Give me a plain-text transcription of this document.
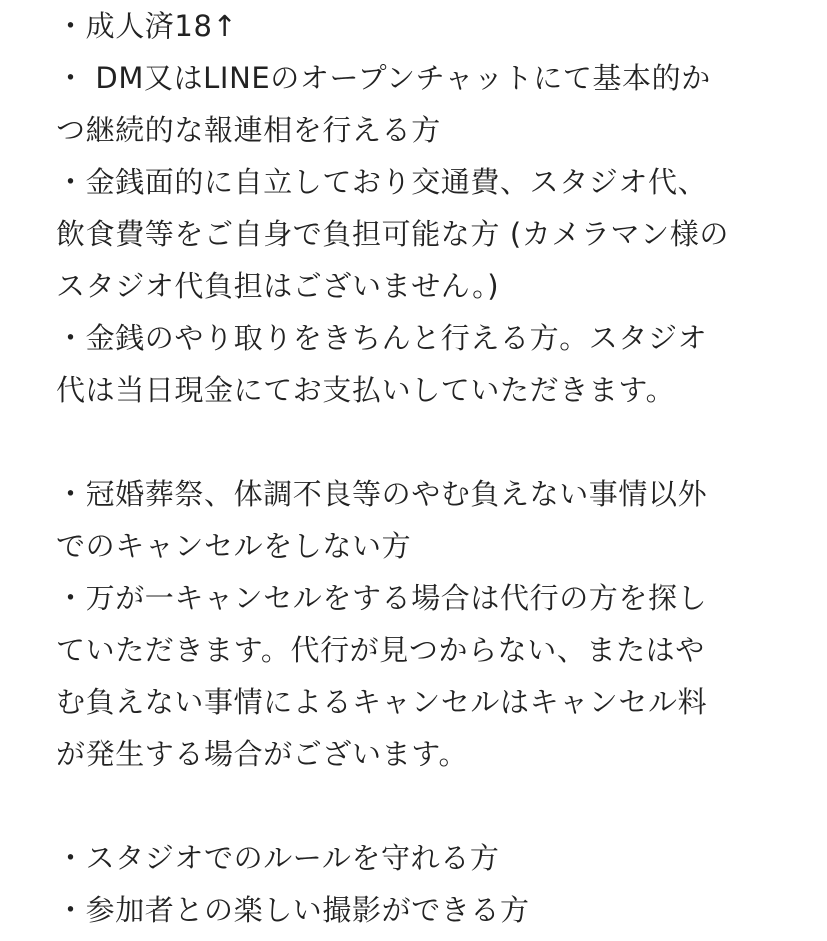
・成人済18↑
・ DM又はLINEのオープンチャットにて基本的か
つ継続的な報連相を行える方
・金銭面的に自立しており交通費、スタジオ代、
飲食費等をご自身で負担可能な方 (カメラマン様の
スタジオ代負担はございません。)
・金銭のやり取りをきちんと行える方。スタジオ
代は当日現金にてお支払いしていただきます。
・冠婚葬祭、体調不良等のやむ負えない事情以外
でのキャンセルをしない方
・万が一キャンセルをする場合は代行の方を探し
ていただきます。代行が見つからない、またはや
む負えない事情によるキャンセルはキャンセル料
が発生する場合がございます。
・スタジオでのルールを守れる方
・参加者との楽しい撮影ができる方
